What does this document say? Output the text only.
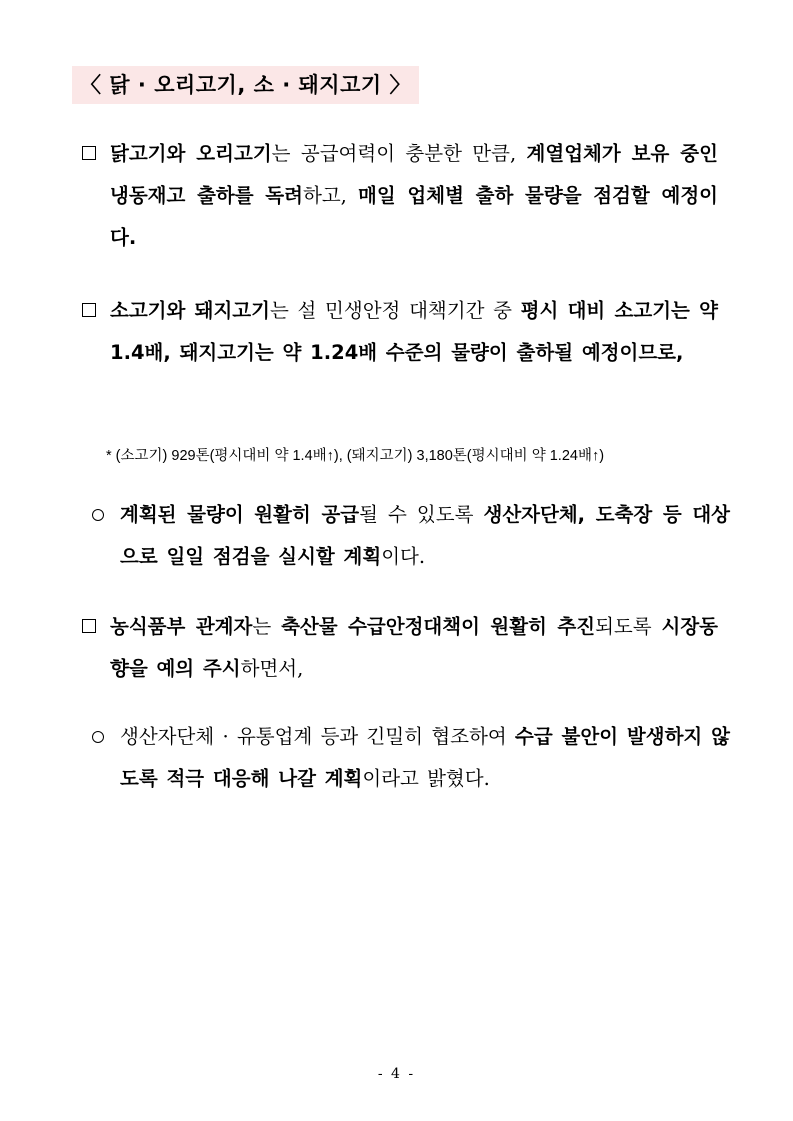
〈 닭 · 오리고기, 소 · 돼지고기 〉
닭고기와 오리고기는 공급여력이 충분한 만큼, 계열업체가 보유 중인 냉동재고 출하를 독려하고, 매일 업체별 출하 물량을 점검할 예정이다.
소고기와 돼지고기는 설 민생안정 대책기간 중 평시 대비 소고기는 약 1.4배, 돼지고기는 약 1.24배 수준의 물량이 출하될 예정이므로,
* (소고기) 929톤(평시대비 약 1.4배↑), (돼지고기) 3,180톤(평시대비 약 1.24배↑)
계획된 물량이 원활히 공급될 수 있도록 생산자단체, 도축장 등 대상으로 일일 점검을 실시할 계획이다.
농식품부 관계자는 축산물 수급안정대책이 원활히 추진되도록 시장동향을 예의 주시하면서,
생산자단체 · 유통업계 등과 긴밀히 협조하여 수급 불안이 발생하지 않도록 적극 대응해 나갈 계획이라고 밝혔다.
- 4 -
